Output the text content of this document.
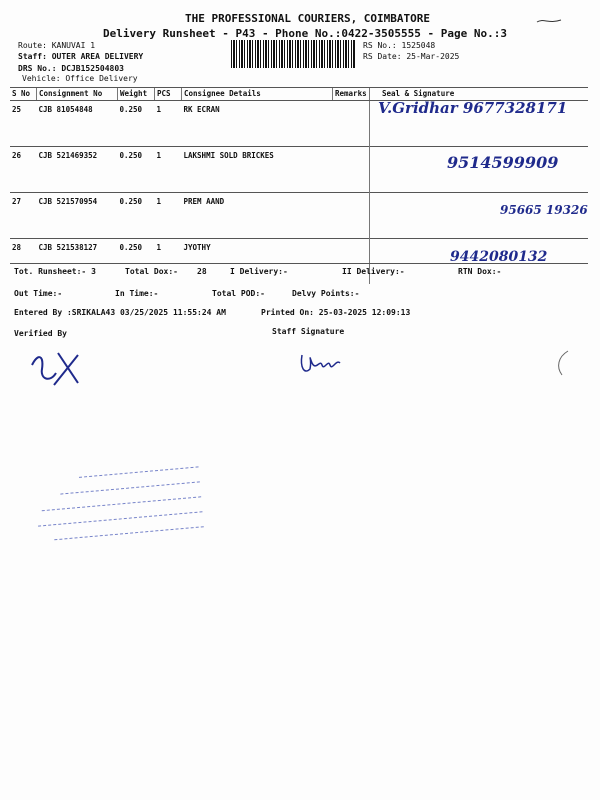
THE PROFESSIONAL COURIERS, COIMBATORE
Delivery Runsheet - P43 - Phone No.:0422-3505555 - Page No.:3
Route: KANUVAI 1
Staff: OUTER AREA DELIVERY
DRS No.: DCJB152504803
Vehicle: Office Delivery
RS No.: 1525048
RS Date: 25-Mar-2025
S No	Consignment No	Weight	PCS	Consignee Details	Remarks	Seal & Signature
25	CJB 81054848	0.250	1	RK ECRAN		V.Gridhar 9677328171

26	CJB 521469352	0.250	1	LAKSHMI SOLD BRICKES		9514599909

27	CJB 521570954	0.250	1	PREM AAND		95665 19326

28	CJB 521538127	0.250	1	JYOTHY		9442080132
Tot. Runsheet:- 3	Total Dox:- 28	I Delivery:-	II Delivery:-	RTN Dox:-
Out Time:-	In Time:-	Total POD:-	Delvy Points:-
Entered By :SRIKALA43 03/25/2025 11:55:24 AM	Printed On: 25-03-2025 12:09:13
Verified By	Staff Signature
